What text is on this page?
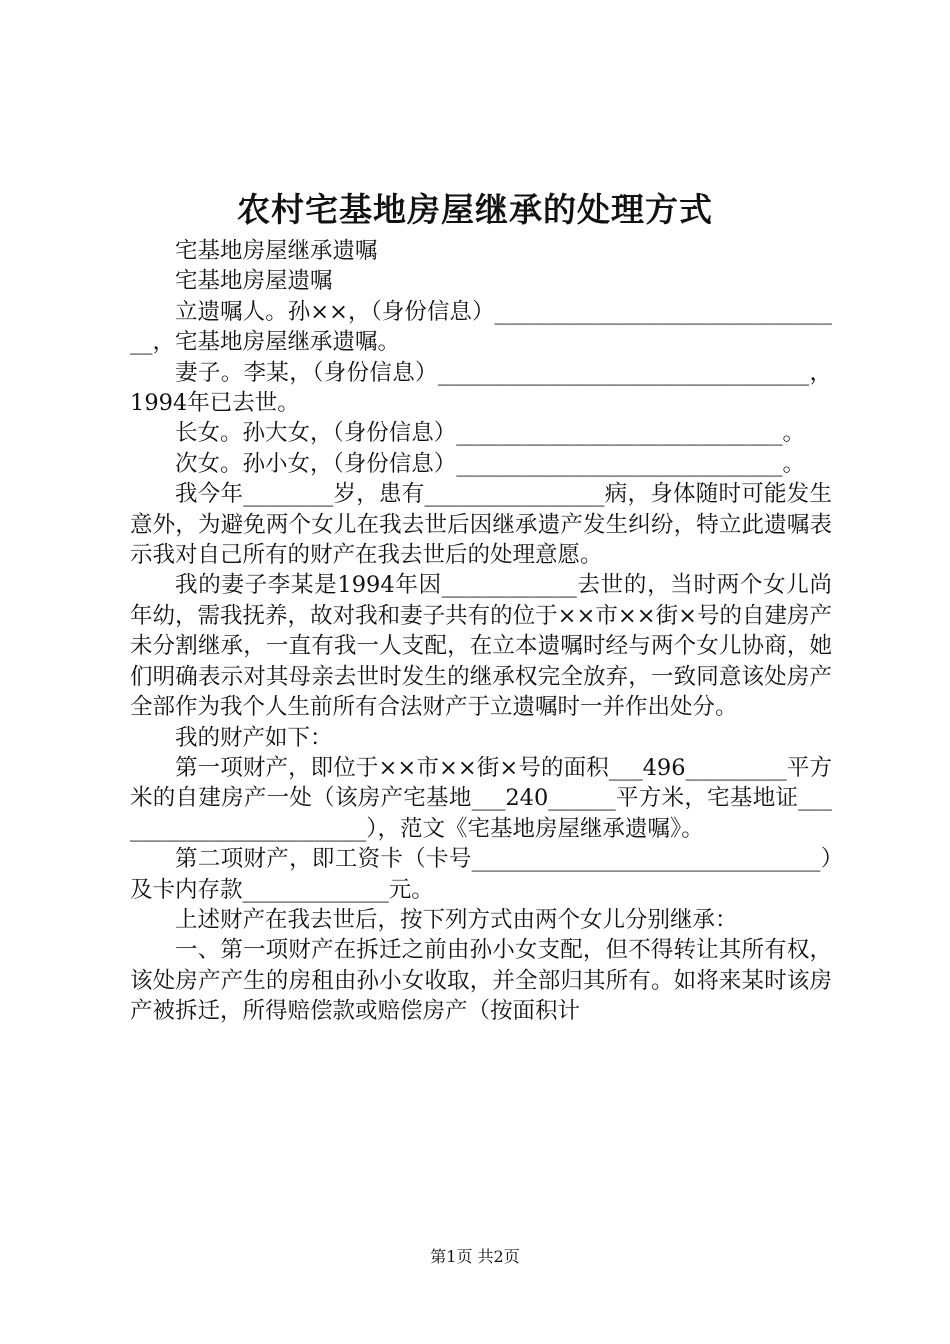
农村宅基地房屋继承的处理方式

宅基地房屋继承遗嘱

宅基地房屋遗嘱

立遗嘱人。孙××，（身份信息）________________________________，宅基地房屋继承遗嘱。

妻子。李某，（身份信息）_________________________________，1994年已去世。

长女。孙大女，（身份信息）_____________________________。

次女。孙小女，（身份信息）_____________________________。

我今年________岁，患有________________病，身体随时可能发生意外，为避免两个女儿在我去世后因继承遗产发生纠纷，特立此遗嘱表示我对自己所有的财产在我去世后的处理意愿。

我的妻子李某是1994年因____________去世的，当时两个女儿尚年幼，需我抚养，故对我和妻子共有的位于××市××街×号的自建房产未分割继承，一直有我一人支配，在立本遗嘱时经与两个女儿协商，她们明确表示对其母亲去世时发生的继承权完全放弃，一致同意该处房产全部作为我个人生前所有合法财产于立遗嘱时一并作出处分。

我的财产如下：

第一项财产，即位于××市××街×号的面积___496_________平方米的自建房产一处（该房产宅基地___240______平方米，宅基地证________________________），范文《宅基地房屋继承遗嘱》。

第二项财产，即工资卡（卡号_______________________________）及卡内存款_____________元。

上述财产在我去世后，按下列方式由两个女儿分别继承：

一、第一项财产在拆迁之前由孙小女支配，但不得转让其所有权，该处房产产生的房租由孙小女收取，并全部归其所有。如将来某时该房产被拆迁，所得赔偿款或赔偿房产（按面积计

第1页 共2页
